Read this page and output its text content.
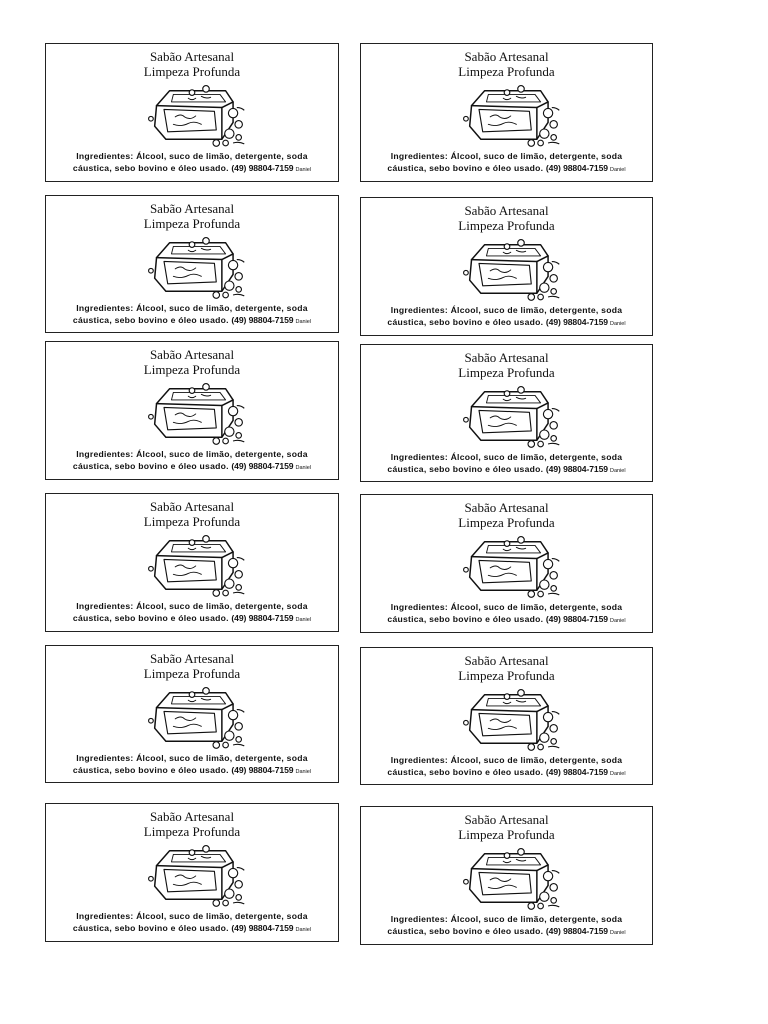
Sabão Artesanal
Limpeza Profunda
Ingredientes: Álcool, suco de limão, detergente, soda
cáustica, sebo bovino e óleo usado. (49) 98804-7159 Daniel
Sabão Artesanal
Limpeza Profunda
Ingredientes: Álcool, suco de limão, detergente, soda
cáustica, sebo bovino e óleo usado. (49) 98804-7159 Daniel
Sabão Artesanal
Limpeza Profunda
Ingredientes: Álcool, suco de limão, detergente, soda
cáustica, sebo bovino e óleo usado. (49) 98804-7159 Daniel
Sabão Artesanal
Limpeza Profunda
Ingredientes: Álcool, suco de limão, detergente, soda
cáustica, sebo bovino e óleo usado. (49) 98804-7159 Daniel
Sabão Artesanal
Limpeza Profunda
Ingredientes: Álcool, suco de limão, detergente, soda
cáustica, sebo bovino e óleo usado. (49) 98804-7159 Daniel
Sabão Artesanal
Limpeza Profunda
Ingredientes: Álcool, suco de limão, detergente, soda
cáustica, sebo bovino e óleo usado. (49) 98804-7159 Daniel
Sabão Artesanal
Limpeza Profunda
Ingredientes: Álcool, suco de limão, detergente, soda
cáustica, sebo bovino e óleo usado. (49) 98804-7159 Daniel
Sabão Artesanal
Limpeza Profunda
Ingredientes: Álcool, suco de limão, detergente, soda
cáustica, sebo bovino e óleo usado. (49) 98804-7159 Daniel
Sabão Artesanal
Limpeza Profunda
Ingredientes: Álcool, suco de limão, detergente, soda
cáustica, sebo bovino e óleo usado. (49) 98804-7159 Daniel
Sabão Artesanal
Limpeza Profunda
Ingredientes: Álcool, suco de limão, detergente, soda
cáustica, sebo bovino e óleo usado. (49) 98804-7159 Daniel
Sabão Artesanal
Limpeza Profunda
Ingredientes: Álcool, suco de limão, detergente, soda
cáustica, sebo bovino e óleo usado. (49) 98804-7159 Daniel
Sabão Artesanal
Limpeza Profunda
Ingredientes: Álcool, suco de limão, detergente, soda
cáustica, sebo bovino e óleo usado. (49) 98804-7159 Daniel
